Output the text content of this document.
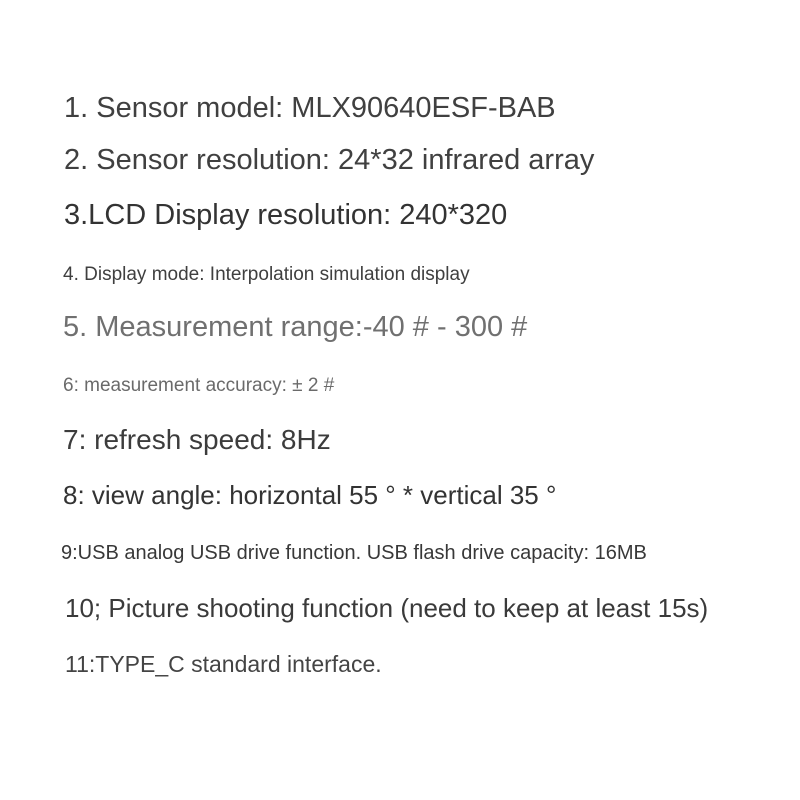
1. Sensor model: MLX90640ESF-BAB
2. Sensor resolution: 24*32 infrared array
3.LCD Display resolution: 240*320
4. Display mode: Interpolation simulation display
5. Measurement range:-40 # - 300 #
6: measurement accuracy: ± 2 #
7: refresh speed: 8Hz
8: view angle: horizontal 55 ° * vertical 35 °
9:USB analog USB drive function. USB flash drive capacity: 16MB
10; Picture shooting function (need to keep at least 15s)
11:TYPE_C standard interface.
